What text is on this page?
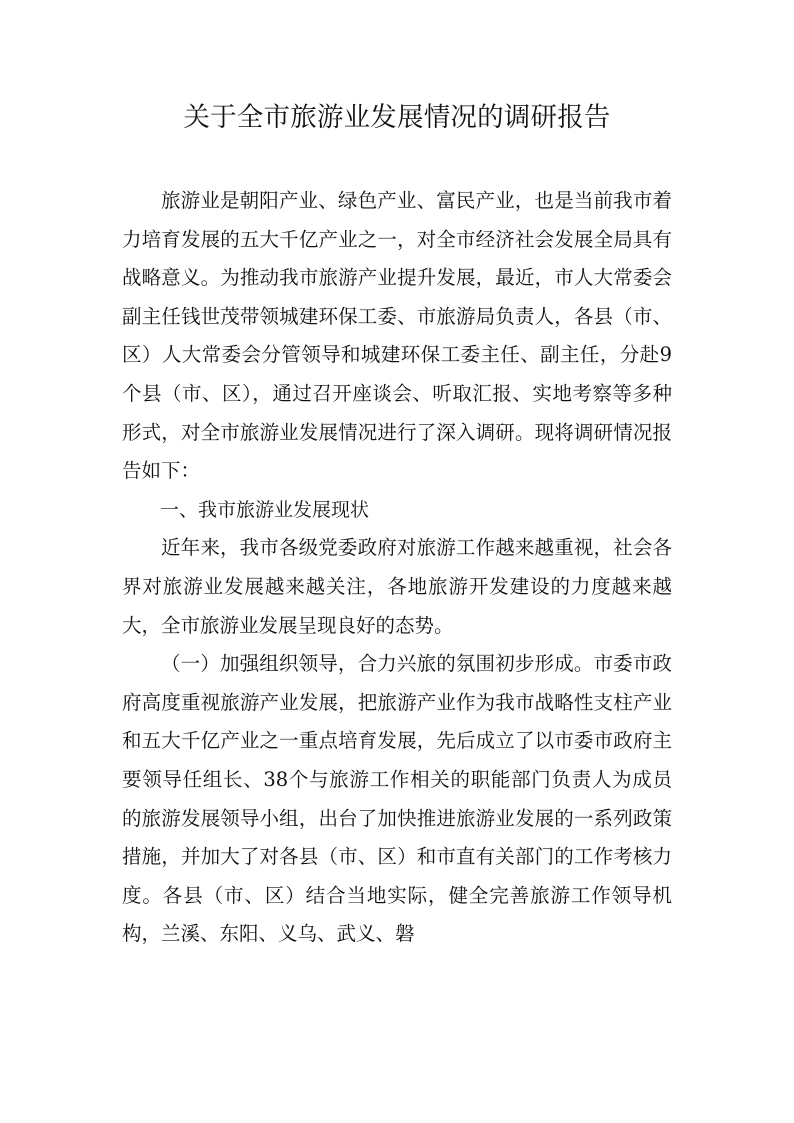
关于全市旅游业发展情况的调研报告

旅游业是朝阳产业、绿色产业、富民产业，也是当前我市着力培育发展的五大千亿产业之一，对全市经济社会发展全局具有战略意义。为推动我市旅游产业提升发展，最近，市人大常委会副主任钱世茂带领城建环保工委、市旅游局负责人，各县（市、区）人大常委会分管领导和城建环保工委主任、副主任，分赴9个县（市、区），通过召开座谈会、听取汇报、实地考察等多种形式，对全市旅游业发展情况进行了深入调研。现将调研情况报告如下：

一、我市旅游业发展现状

近年来，我市各级党委政府对旅游工作越来越重视，社会各界对旅游业发展越来越关注，各地旅游开发建设的力度越来越大，全市旅游业发展呈现良好的态势。

（一）加强组织领导，合力兴旅的氛围初步形成。市委市政府高度重视旅游产业发展，把旅游产业作为我市战略性支柱产业和五大千亿产业之一重点培育发展，先后成立了以市委市政府主要领导任组长、38个与旅游工作相关的职能部门负责人为成员的旅游发展领导小组，出台了加快推进旅游业发展的一系列政策措施，并加大了对各县（市、区）和市直有关部门的工作考核力度。各县（市、区）结合当地实际，健全完善旅游工作领导机构，兰溪、东阳、义乌、武义、磐
